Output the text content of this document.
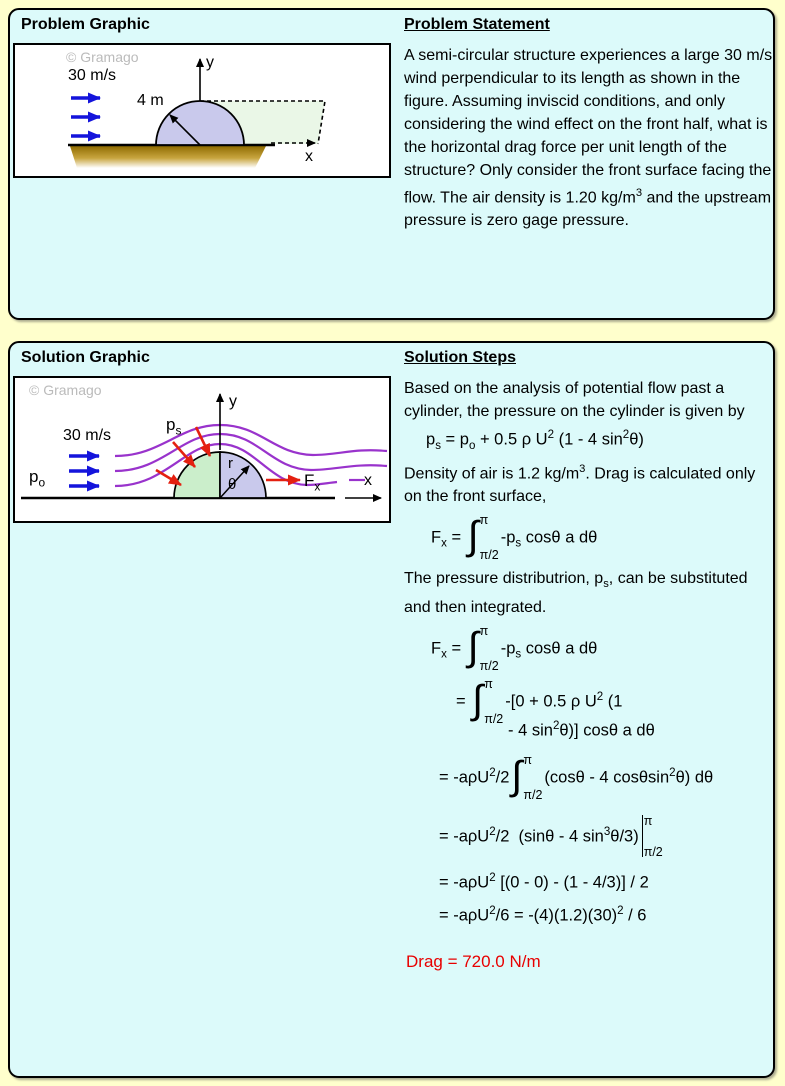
Problem Graphic
© Gramago
30 m/s
4 m
y
x
Problem Statement
A semi-circular structure experiences a large 30 m/s wind perpendicular to its length as shown in the figure. Assuming inviscid conditions, and only considering the wind effect on the front half, what is the horizontal drag force per unit length of the structure? Only consider the front surface facing the flow. The air density is 1.20 $kg/m^3$ and the upstream pressure is zero gage pressure.
Solution Graphic
© Gramago
30 m/s
$p_o$
$p_s$
$F_x$
y
x
r
θ
Solution Steps
Based on the analysis of potential flow past a cylinder, the pressure on the cylinder is given by
$p_s = p_o + 0.5$ ρ $U^2$ (1 - 4 $\sin^2\theta$)
Density of air is 1.2 $kg/m^3$. Drag is calculated only on the front surface,
$F_x$ = ∫ π
π/2
$-p_s$ cosθ a dθ
The pressure distributrion, $p_s$, can be substituted and then integrated.
$F_x$ = ∫ π
π/2
$-p_s$ cosθ a dθ
= ∫ π
π/2
-[0 + 0.5 ρ $U^2$ (1
- 4 $\sin^2\theta$)] cosθ a dθ
= -aρU$^2$/2 ∫ π
π/2
(cosθ - 4 cosθsin$^2$θ) dθ
= -aρU$^2$/2  (sinθ - 4 $\sin^3\theta/3$)
π
π/2
= -aρU$^2$ [(0 - 0) - (1 - 4/3)] / 2
= $-a\rho U^2/6 = -(4)(1.2)(30)^2 / 6$
Drag = 720.0 N/m
